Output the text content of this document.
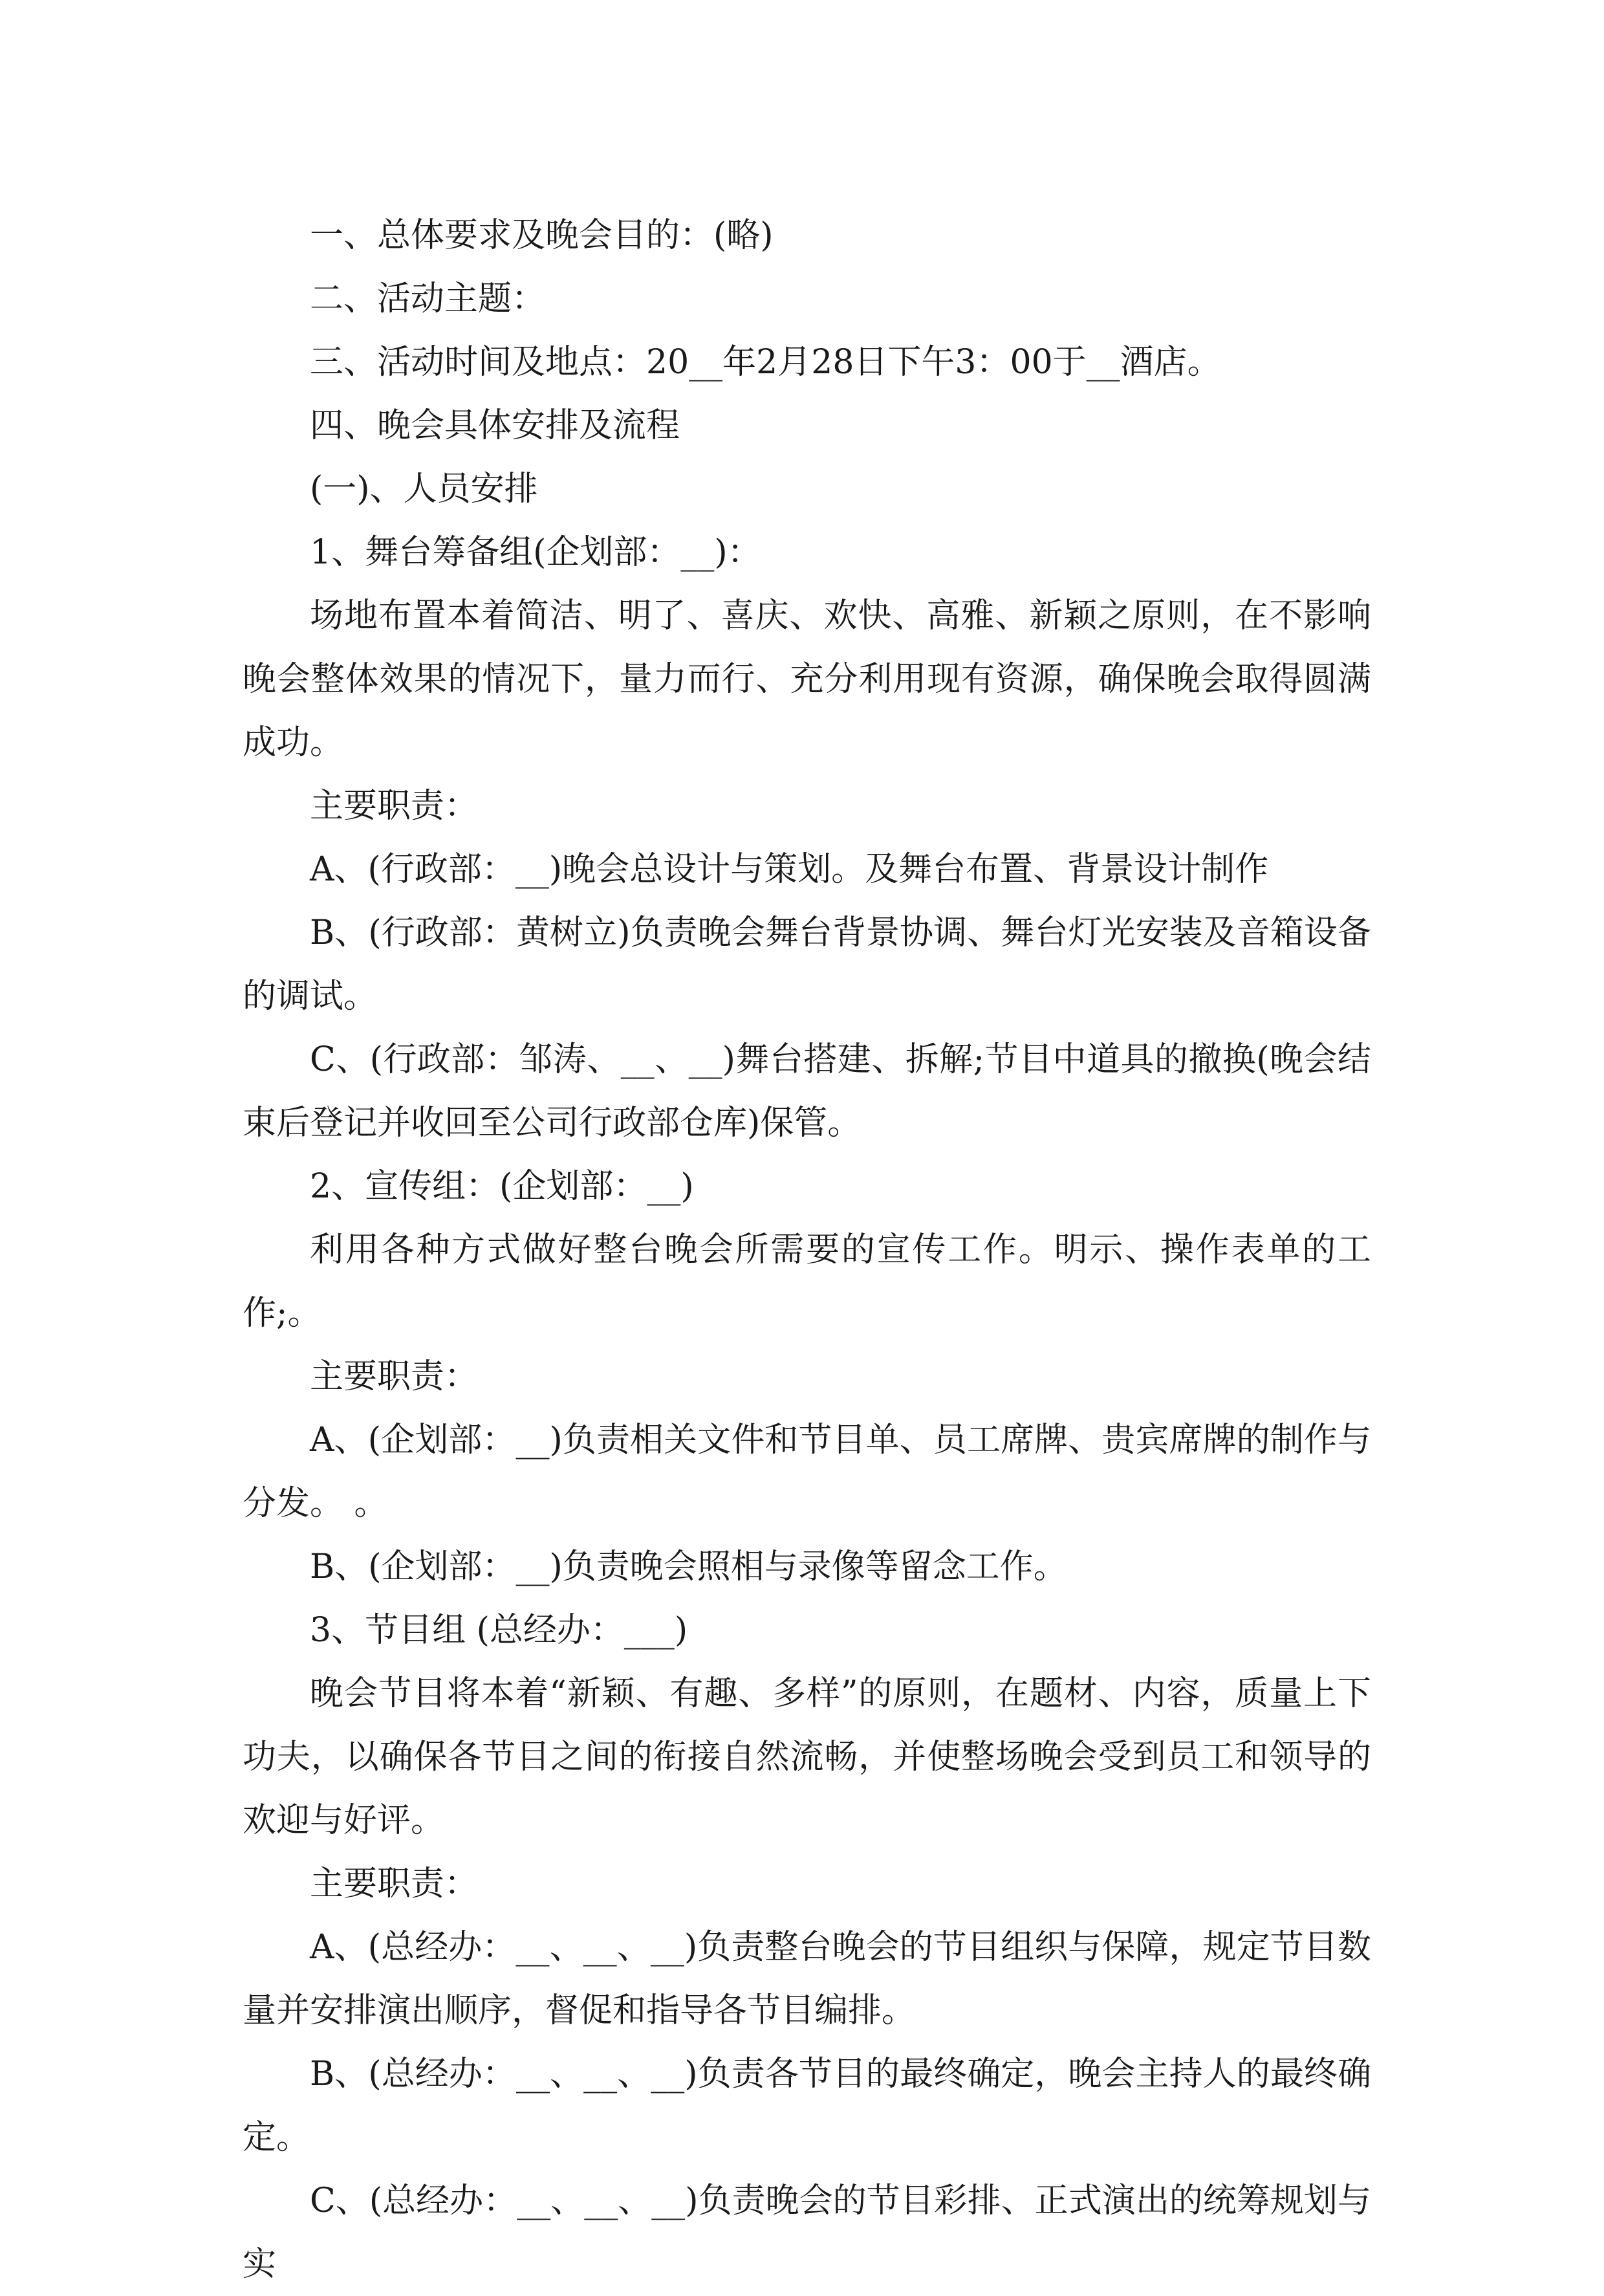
一、总体要求及晚会目的：(略)

二、活动主题：

三、活动时间及地点：20__年2月28日下午3：00于__酒店。

四、晚会具体安排及流程

(一)、人员安排

1、舞台筹备组(企划部：__)：

场地布置本着简洁、明了、喜庆、欢快、高雅、新颖之原则，在不影响晚会整体效果的情况下，量力而行、充分利用现有资源，确保晚会取得圆满成功。

主要职责：

A、(行政部：__)晚会总设计与策划。及舞台布置、背景设计制作

B、(行政部：黄树立)负责晚会舞台背景协调、舞台灯光安装及音箱设备的调试。

C、(行政部：邹涛、__、__)舞台搭建、拆解;节目中道具的撤换(晚会结束后登记并收回至公司行政部仓库)保管。

2、宣传组：(企划部：__)

利用各种方式做好整台晚会所需要的宣传工作。明示、操作表单的工作;。

主要职责：

A、(企划部：__)负责相关文件和节目单、员工席牌、贵宾席牌的制作与分发。 。

B、(企划部：__)负责晚会照相与录像等留念工作。

3、节目组 (总经办：___)

晚会节目将本着“新颖、有趣、多样”的原则，在题材、内容，质量上下功夫，以确保各节目之间的衔接自然流畅，并使整场晚会受到员工和领导的欢迎与好评。

主要职责：

A、(总经办：__、__、__)负责整台晚会的节目组织与保障，规定节目数量并安排演出顺序，督促和指导各节目编排。

B、(总经办：__、__、__)负责各节目的最终确定，晚会主持人的最终确定。

C、(总经办：__、__、__)负责晚会的节目彩排、正式演出的统筹规划与实
